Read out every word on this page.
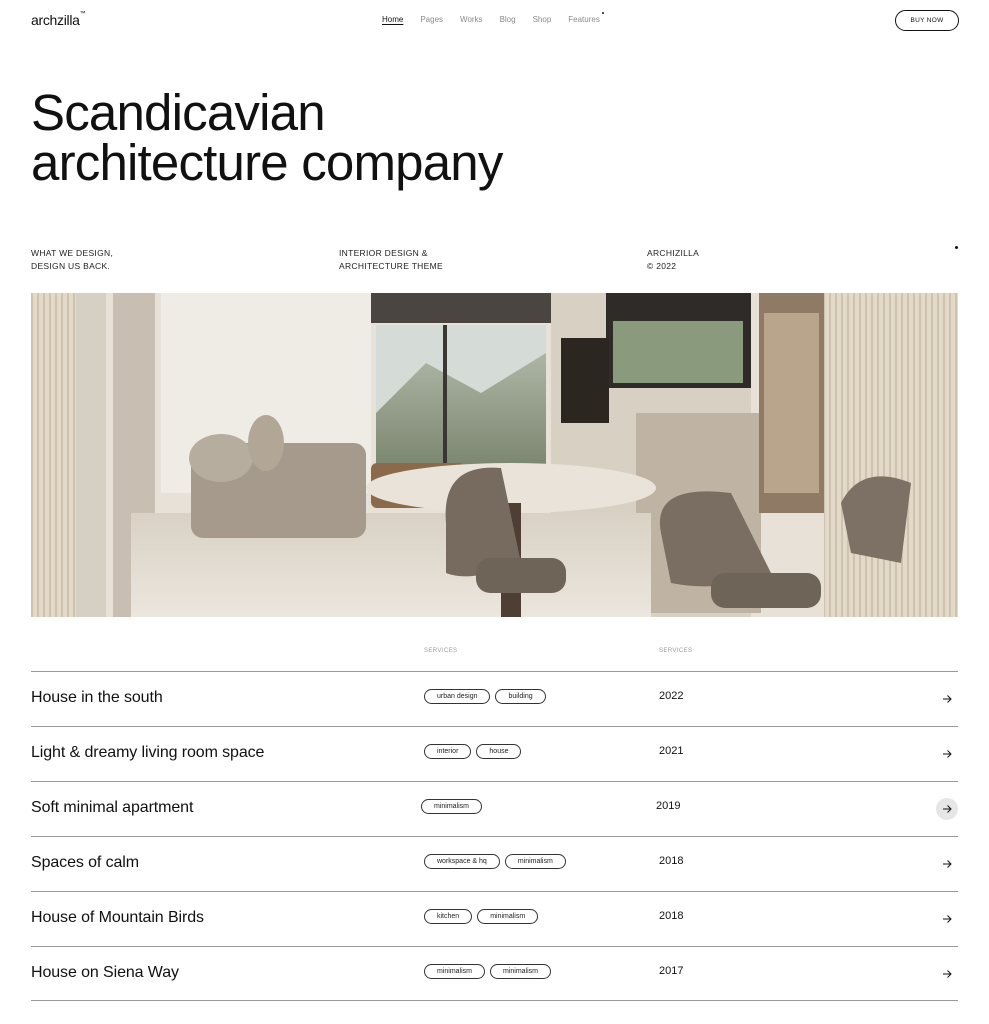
archzilla™
Home Pages Works Blog Shop Features	BUY NOW
Scandicavian
architecture company
WHAT WE DESIGN,
DESIGN US BACK.
INTERIOR DESIGN &
ARCHITECTURE THEME
ARCHIZILLA
© 2022
SERVICES	SERVICES
House in the south	urban design	building	2022
Light & dreamy living room space	interior	house	2021
Soft minimal apartment	minimalism	2019
Spaces of calm	workspace & hq	minimalism	2018
House of Mountain Birds	kitchen	minimalism	2018
House on Siena Way	minimalism	minimalism	2017
